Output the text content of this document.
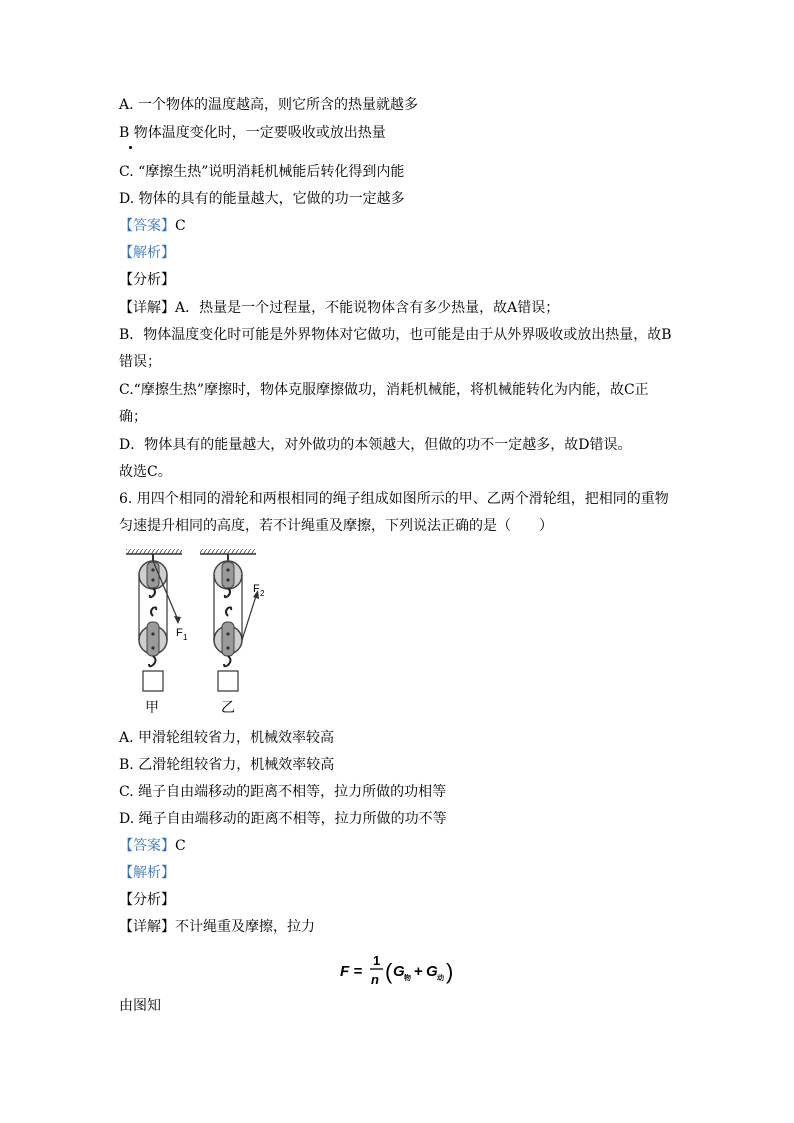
A. 一个物体的温度越高，则它所含的热量就越多
B 物体温度变化时，一定要吸收或放出热量
C. “摩擦生热”说明消耗机械能后转化得到内能
D. 物体的具有的能量越大，它做的功一定越多
【答案】C
【解析】
【分析】
【详解】A．热量是一个过程量，不能说物体含有多少热量，故A错误；
B．物体温度变化时可能是外界物体对它做功，也可能是由于从外界吸收或放出热量，故B
错误；
C.“摩擦生热”摩擦时，物体克服摩擦做功，消耗机械能，将机械能转化为内能，故C正
确；
D．物体具有的能量越大，对外做功的本领越大，但做的功不一定越多，故D错误。
故选C。
6. 用四个相同的滑轮和两根相同的绳子组成如图所示的甲、乙两个滑轮组，把相同的重物
匀速提升相同的高度，若不计绳重及摩擦，下列说法正确的是（　　）
F 1
甲
F 2
乙
A. 甲滑轮组较省力，机械效率较高
B. 乙滑轮组较省力，机械效率较高
C. 绳子自由端移动的距离不相等，拉力所做的功相等
D. 绳子自由端移动的距离不相等，拉力所做的功不等
【答案】C
【解析】
【分析】
【详解】不计绳重及摩擦，拉力
F =
1
n ( G 物 + G 动 )
由图知
